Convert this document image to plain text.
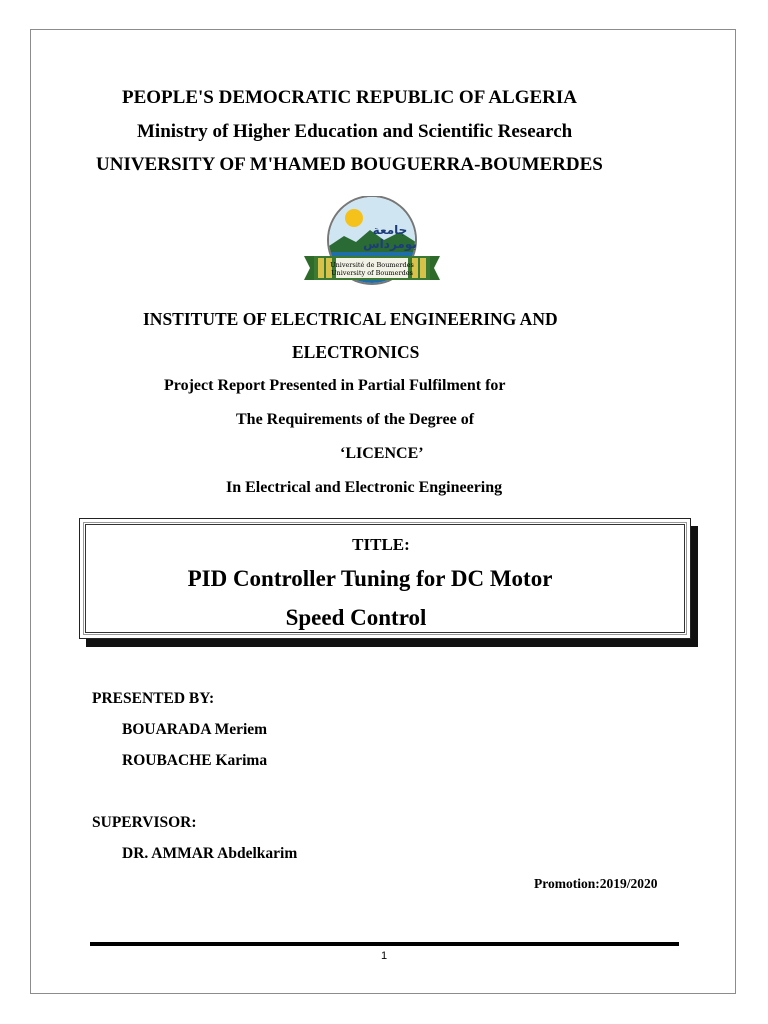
PEOPLE'S DEMOCRATIC REPUBLIC OF ALGERIA
Ministry of Higher Education and Scientific Research
UNIVERSITY OF M'HAMED BOUGUERRA-BOUMERDES
جامعة
بومرداس
Université de Boumerdes
University of Boumerdes
INSTITUTE OF ELECTRICAL ENGINEERING AND
ELECTRONICS
Project Report Presented in Partial Fulfilment for
The Requirements of the Degree of
‘LICENCE’
In Electrical and Electronic Engineering
TITLE:
PID Controller Tuning for DC Motor
Speed Control
PRESENTED BY:
BOUARADA Meriem
ROUBACHE Karima
SUPERVISOR:
DR. AMMAR Abdelkarim
Promotion:2019/2020
1
